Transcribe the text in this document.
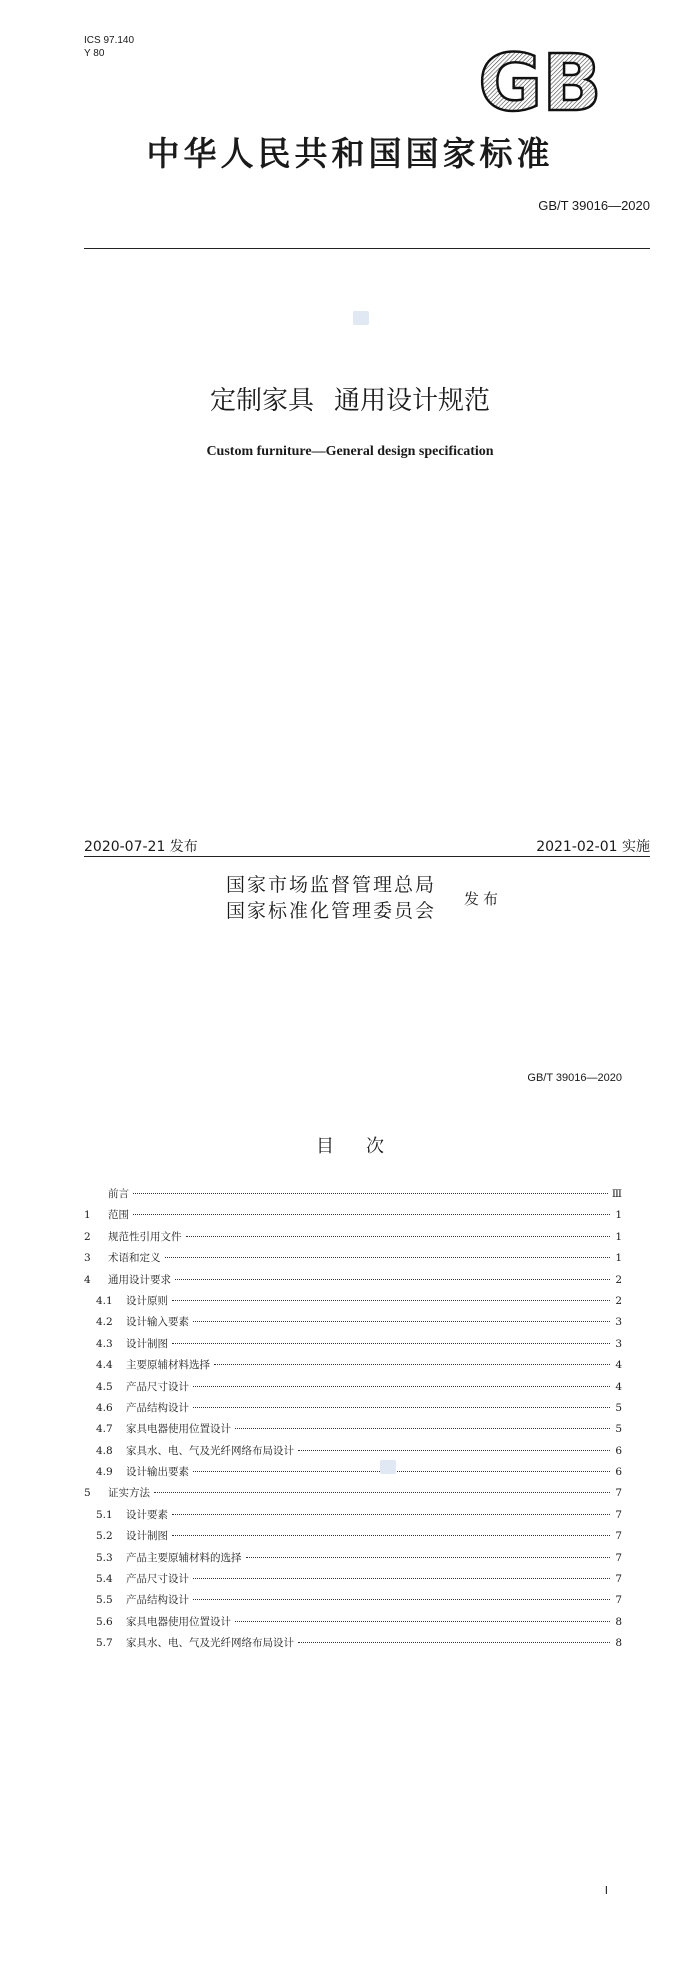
ICS 97.140
Y 80	GB
中华人民共和国国家标准
GB/T 39016—2020
定制家具 通用设计规范
Custom furniture—General design specification
2020-07-21 发布	2021-02-01 实施
国家市场监督管理总局
国家标准化管理委员会
发布
GB/T 39016—2020
目 次
前言	Ⅲ
1	范围	1
2	规范性引用文件	1
3	术语和定义	1
4	通用设计要求	2
4.1	设计原则	2
4.2	设计输入要素	3
4.3	设计制图	3
4.4	主要原辅材料选择	4
4.5	产品尺寸设计	4
4.6	产品结构设计	5
4.7	家具电器使用位置设计	5
4.8	家具水、电、气及光纤网络布局设计	6
4.9	设计输出要素	6
5	证实方法	7
5.1	设计要素	7
5.2	设计制图	7
5.3	产品主要原辅材料的选择	7
5.4	产品尺寸设计	7
5.5	产品结构设计	7
5.6	家具电器使用位置设计	8
5.7	家具水、电、气及光纤网络布局设计	8
Ⅰ
